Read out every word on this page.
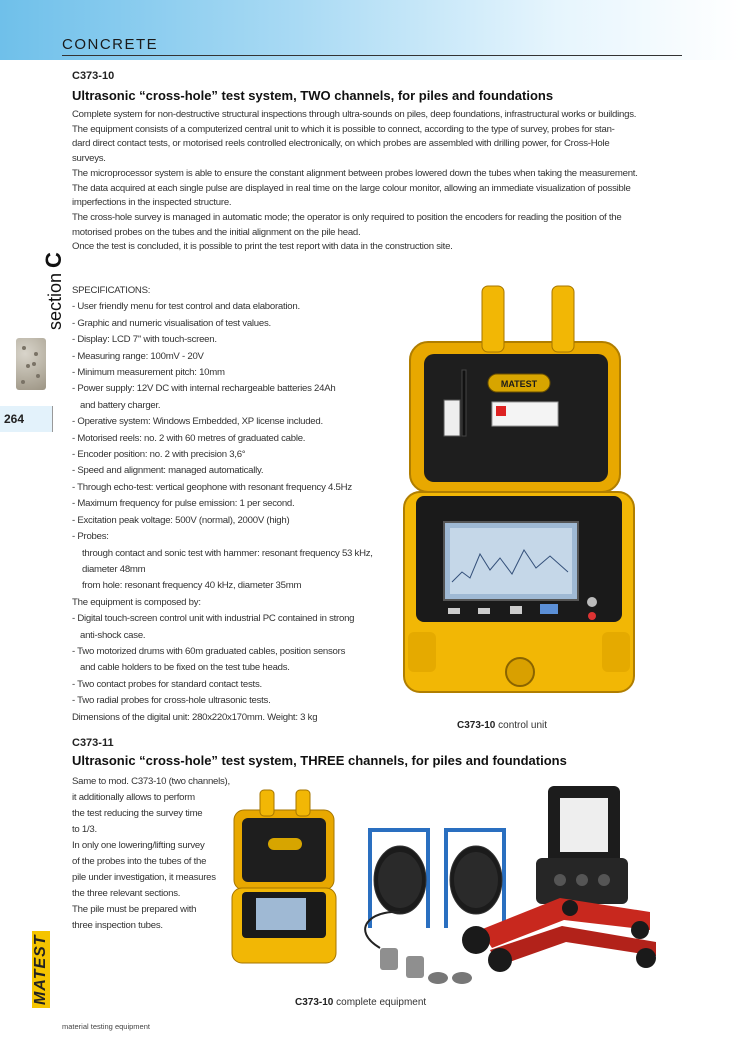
CONCRETE
section C
264
C373-10
Ultrasonic “cross-hole” test system, TWO channels, for piles and foundations

Complete system for non-destructive structural inspections through ultra-sounds on piles, deep foundations, infrastructural works or buildings.

The equipment consists of a computerized central unit to which it is possible to connect, according to the type of survey, probes for stan-

dard direct contact tests, or motorised reels controlled electronically, on which probes are assembled with drilling power, for Cross-Hole

surveys.

The microprocessor system is able to ensure the constant alignment between probes lowered down the tubes when taking the measurement.

The data acquired at each single pulse are displayed in real time on the large colour monitor, allowing an immediate visualization of possible

imperfections in the inspected structure.

The cross-hole survey is managed in automatic mode; the operator is only required to position the encoders for reading the position of the

motorised probes on the tubes and the initial alignment on the pile head.

Once the test is concluded, it is possible to print the test report with data in the construction site.

SPECIFICATIONS:
- User friendly menu for test control and data elaboration.
- Graphic and numeric visualisation of test values.
- Display: LCD 7'' with touch-screen.
- Measuring range: 100mV - 20V
- Minimum measurement pitch: 10mm
- Power supply: 12V DC with internal rechargeable batteries 24Ah
and battery charger.
- Operative system: Windows Embedded, XP license included.
- Motorised reels: no. 2 with 60 metres of graduated cable.
- Encoder position: no. 2 with precision 3,6°
- Speed and alignment: managed automatically.
- Through echo-test: vertical geophone with resonant frequency 4.5Hz
- Maximum frequency for pulse emission: 1 per second.
- Excitation peak voltage: 500V (normal), 2000V (high)
- Probes:
through contact and sonic test with hammer: resonant frequency 53 kHz,
diameter 48mm
from hole: resonant frequency 40 kHz, diameter 35mm
The equipment is composed by:
- Digital touch-screen control unit with industrial PC contained in strong
anti-shock case.
- Two motorized drums with 60m graduated cables, position sensors
and cable holders to be fixed on the test tube heads.
- Two contact probes for standard contact tests.
- Two radial probes for cross-hole ultrasonic tests.
Dimensions of the digital unit: 280x220x170mm. Weight: 3 kg
MATEST
C373-10 control unit
C373-11
Ultrasonic “cross-hole” test system, THREE channels, for piles and foundations

Same to mod. C373-10 (two channels),

it additionally allows to perform

the test reducing the survey time

to 1/3.

In only one lowering/lifting survey

of the probes into the tubes of the

pile under investigation, it measures

the three relevant sections.

The pile must be prepared with

three inspection tubes.

C373-10 complete equipment
MATEST
material testing equipment
